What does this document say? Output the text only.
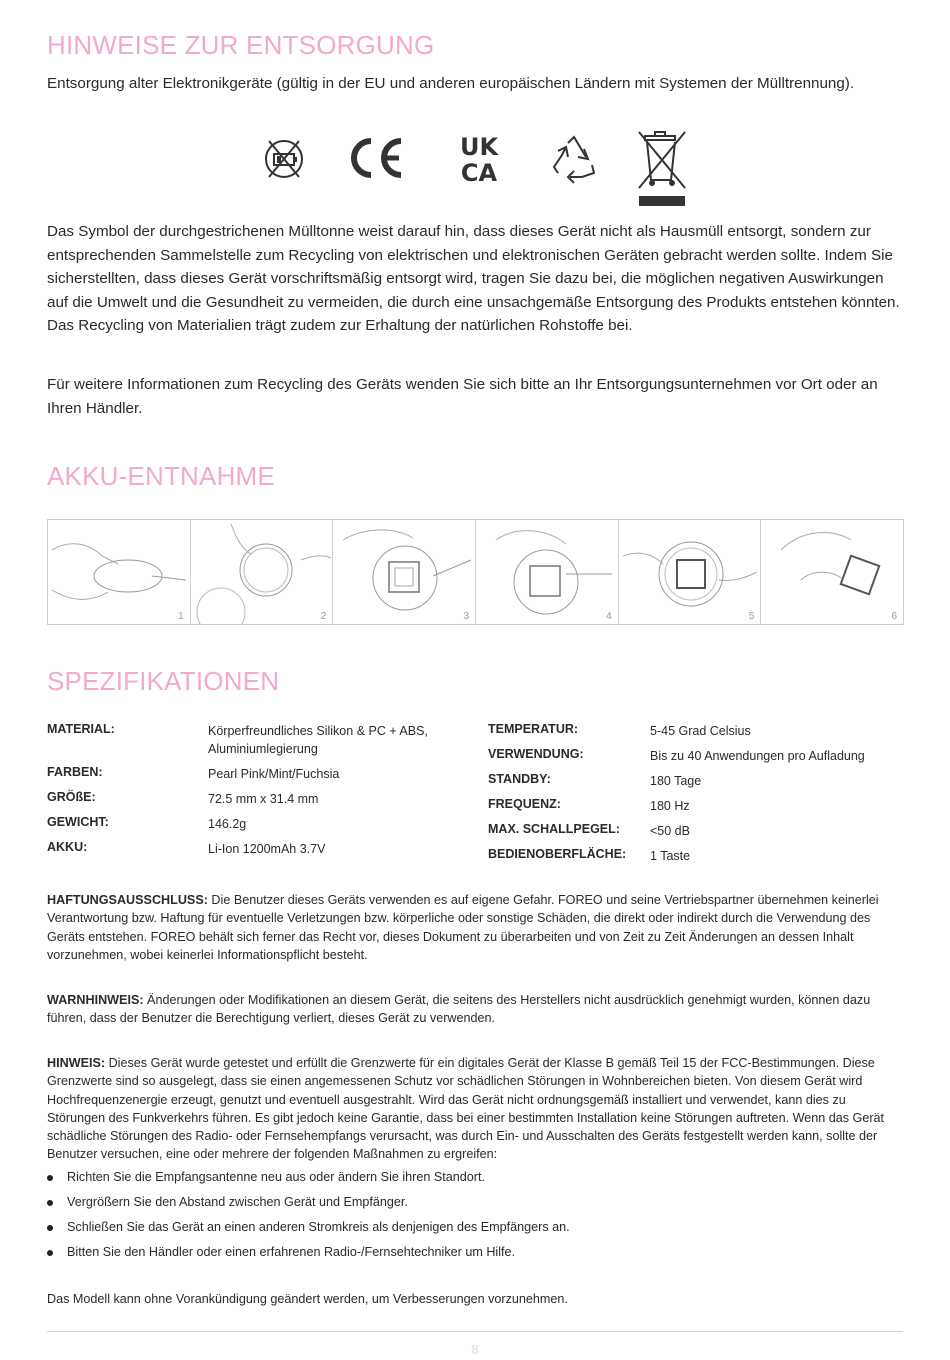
HINWEISE ZUR ENTSORGUNG
Entsorgung alter Elektronikgeräte (gültig in der EU und anderen europäischen Ländern mit Systemen der Mülltrennung).
UK
CA
Das Symbol der durchgestrichenen Mülltonne weist darauf hin, dass dieses Gerät nicht als Hausmüll entsorgt, sondern zur entsprechenden Sammelstelle zum Recycling von elektrischen und elektronischen Geräten gebracht werden sollte. Indem Sie sicherstellten, dass dieses Gerät vorschriftsmäßig entsorgt wird, tragen Sie dazu bei, die möglichen negativen Auswirkungen auf die Umwelt und die Gesundheit zu vermeiden, die durch eine unsachgemäße Entsorgung des Produkts entstehen könnten. Das Recycling von Materialien trägt zudem zur Erhaltung der natürlichen Rohstoffe bei.
Für weitere Informationen zum Recycling des Geräts wenden Sie sich bitte an Ihr Entsorgungsunternehmen vor Ort oder an Ihren Händler.
AKKU-ENTNAHME
1	2	3	4	5	6
SPEZIFIKATIONEN
MATERIAL:	Körperfreundliches Silikon & PC + ABS, Aluminiumlegierung
FARBEN:	Pearl Pink/Mint/Fuchsia
GRÖßE:	72.5 mm x 31.4 mm
GEWICHT:	146.2g
AKKU:	Li-Ion 1200mAh 3.7V
TEMPERATUR:	5-45 Grad Celsius
VERWENDUNG:	Bis zu 40 Anwendungen pro Aufladung
STANDBY:	180 Tage
FREQUENZ:	180 Hz
MAX. SCHALLPEGEL: <50 dB
BEDIENOBERFLÄCHE: 1 Taste
HAFTUNGSAUSSCHLUSS: Die Benutzer dieses Geräts verwenden es auf eigene Gefahr. FOREO und seine Vertriebspartner übernehmen keinerlei Verantwortung bzw. Haftung für eventuelle Verletzungen bzw. körperliche oder sonstige Schäden, die direkt oder indirekt durch die Verwendung des Geräts entstehen. FOREO behält sich ferner das Recht vor, dieses Dokument zu überarbeiten und von Zeit zu Zeit Änderungen an dessen Inhalt vorzunehmen, wobei keinerlei Informationspflicht besteht.
WARNHINWEIS: Änderungen oder Modifikationen an diesem Gerät, die seitens des Herstellers nicht ausdrücklich genehmigt wurden, können dazu führen, dass der Benutzer die Berechtigung verliert, dieses Gerät zu verwenden.
HINWEIS: Dieses Gerät wurde getestet und erfüllt die Grenzwerte für ein digitales Gerät der Klasse B gemäß Teil 15 der FCC-Bestimmungen. Diese Grenzwerte sind so ausgelegt, dass sie einen angemessenen Schutz vor schädlichen Störungen in Wohnbereichen bieten. Von diesem Gerät wird Hochfrequenzenergie erzeugt, genutzt und eventuell ausgestrahlt. Wird das Gerät nicht ordnungsgemäß installiert und verwendet, kann dies zu Störungen des Funkverkehrs führen. Es gibt jedoch keine Garantie, dass bei einer bestimmten Installation keine Störungen auftreten. Wenn das Gerät schädliche Störungen des Radio- oder Fernsehempfangs verursacht, was durch Ein- und Ausschalten des Geräts festgestellt werden kann, sollte der Benutzer versuchen, eine oder mehrere der folgenden Maßnahmen zu ergreifen:
Richten Sie die Empfangsantenne neu aus oder ändern Sie ihren Standort.
Vergrößern Sie den Abstand zwischen Gerät und Empfänger.
Schließen Sie das Gerät an einen anderen Stromkreis als denjenigen des Empfängers an.
Bitten Sie den Händler oder einen erfahrenen Radio-/Fernsehtechniker um Hilfe.
Das Modell kann ohne Vorankündigung geändert werden, um Verbesserungen vorzunehmen.
8
